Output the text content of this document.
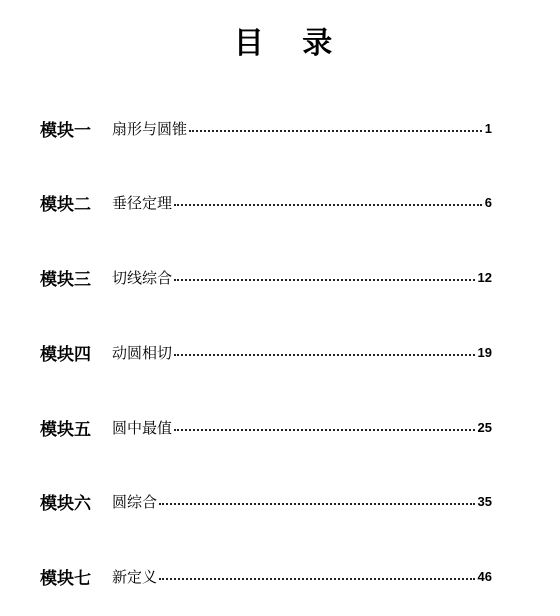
目 录
模块一	扇形与圆锥	1
模块二	垂径定理	6
模块三	切线综合	12
模块四	动圆相切	19
模块五	圆中最值	25
模块六	圆综合	35
模块七	新定义	46
